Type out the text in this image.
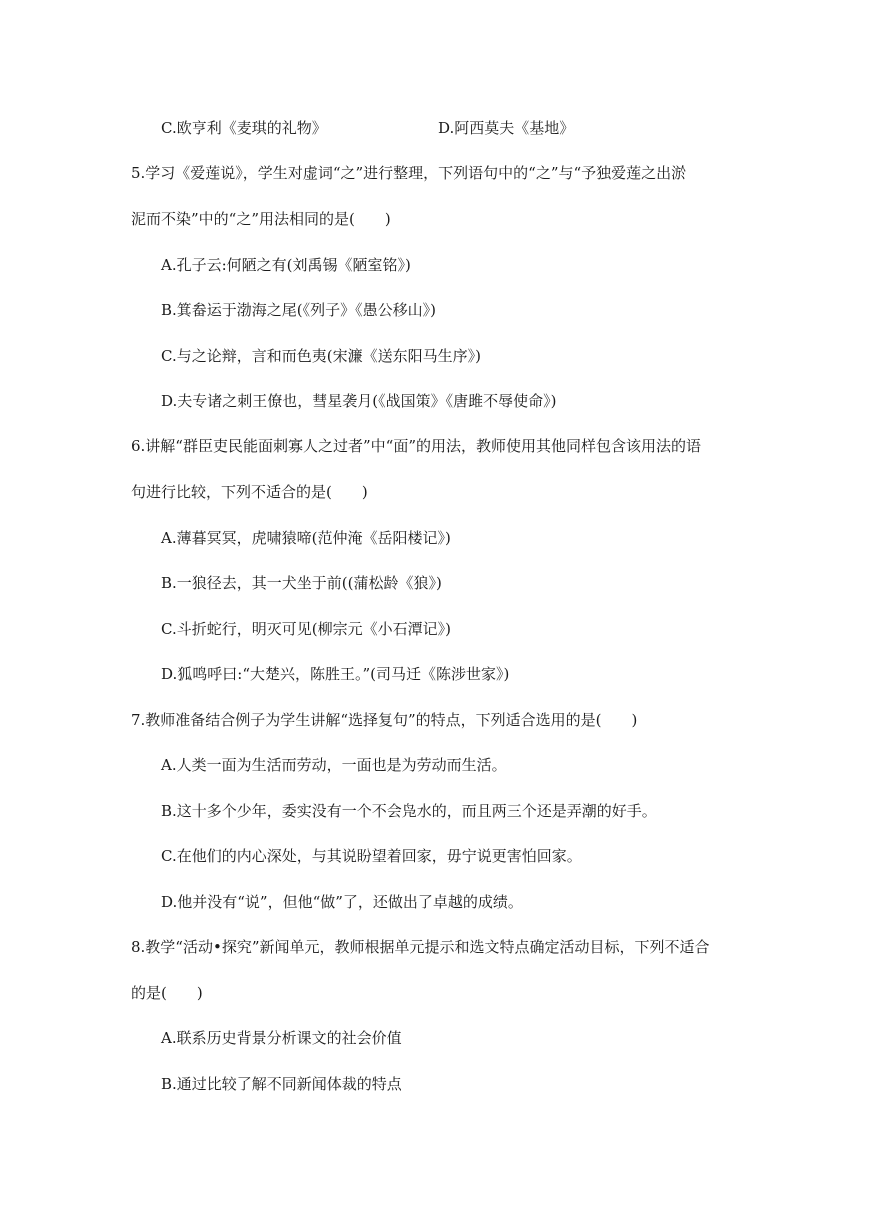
C.欧亨利《麦琪的礼物》	D.阿西莫夫《基地》
5.学习《爱莲说》，学生对虚词“之”进行整理，下列语句中的“之”与“予独爱莲之出淤
泥而不染”中的“之”用法相同的是(　　)
A.孔子云:何陋之有(刘禹锡《陋室铭》)
B.箕畚运于渤海之尾(《列子》《愚公移山》)
C.与之论辩，言和而色夷(宋濂《送东阳马生序》)
D.夫专诸之刺王僚也，彗星袭月(《战国策》《唐雎不辱使命》)
6.讲解“群臣吏民能面刺寡人之过者”中“面”的用法，教师使用其他同样包含该用法的语
句进行比较，下列不适合的是(　　)
A.薄暮冥冥，虎啸猿啼(范仲淹《岳阳楼记》)
B.一狼径去，其一犬坐于前((蒲松龄《狼》)
C.斗折蛇行，明灭可见(柳宗元《小石潭记》)
D.狐鸣呼曰:“大楚兴，陈胜王。”(司马迁《陈涉世家》)
7.教师准备结合例子为学生讲解“选择复句”的特点，下列适合选用的是(　　)
A.人类一面为生活而劳动，一面也是为劳动而生活。
B.这十多个少年，委实没有一个不会凫水的，而且两三个还是弄潮的好手。
C.在他们的内心深处，与其说盼望着回家，毋宁说更害怕回家。
D.他并没有“说”，但他“做”了，还做出了卓越的成绩。
8.教学“活动•探究”新闻单元，教师根据单元提示和选文特点确定活动目标，下列不适合
的是(　　)
A.联系历史背景分析课文的社会价值
B.通过比较了解不同新闻体裁的特点
